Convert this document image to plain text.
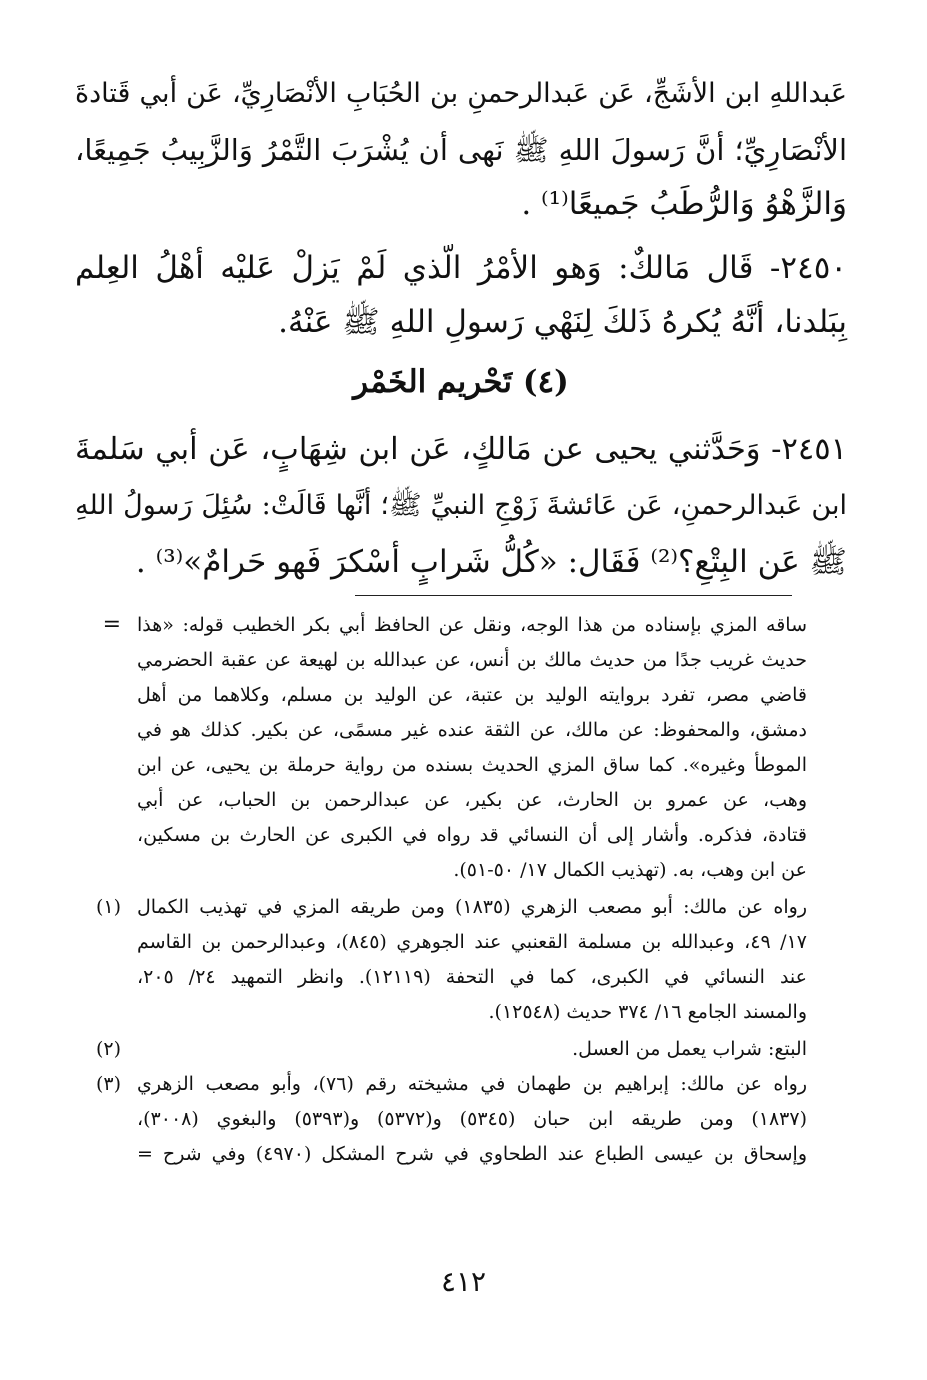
عَبداللهِ ابن الأشَجِّ، عَن عَبدالرحمنِ بن الحُبَابِ الأنْصَارِيِّ، عَن أبي قَتادةَ
الأنْصَارِيِّ؛ أنَّ رَسولَ اللهِ ﷺ نَهى أن يُشْرَبَ التَّمْرُ وَالزَّبِيبُ جَمِيعًا،
وَالزَّهْوُ وَالرُّطَبُ جَميعًا⁽¹⁾ .
٢٤٥٠- قَال مَالكٌ: وَهو الأمْرُ الّذي لَمْ يَزلْ عَليْه أهْلُ العِلم
بِبَلدنا، أنَّهُ يُكرهُ ذَلكَ لِنَهْي رَسولِ اللهِ ﷺ عَنْهُ.
(٤) تَحْريم الخَمْر
٢٤٥١- وَحَدَّثني يحيى عن مَالكٍ، عَن ابن شِهَابٍ، عَن أبي سَلمةَ
ابن عَبدالرحمنِ، عَن عَائشةَ زَوْجِ النبيِّ ﷺ؛ أنَّها قَالَتْ: سُئِلَ رَسولُ اللهِ
ﷺ عَن البِتْعِ؟⁽²⁾ فَقَال: «كُلُّ شَرابٍ أسْكرَ فَهو حَرامٌ»⁽³⁾ .
= ساقه المزي بإسناده من هذا الوجه، ونقل عن الحافظ أبي بكر الخطيب قوله: «هذا
حديث غريب جدًا من حديث مالك بن أنس، عن عبدالله بن لهيعة عن عقبة الحضرمي
قاضي مصر، تفرد بروايته الوليد بن عتبة، عن الوليد بن مسلم، وكلاهما من أهل
دمشق، والمحفوظ: عن مالك، عن الثقة عنده غير مسمًى، عن بكير. كذلك هو في
الموطأ وغيره». كما ساق المزي الحديث بسنده من رواية حرملة بن يحيى، عن ابن
وهب، عن عمرو بن الحارث، عن بكير، عن عبدالرحمن بن الحباب، عن أبي
قتادة، فذكره. وأشار إلى أن النسائي قد رواه في الكبرى عن الحارث بن مسكين،
عن ابن وهب، به. (تهذيب الكمال ١٧/ ٥٠-٥١).
(١) رواه عن مالك: أبو مصعب الزهري (١٨٣٥) ومن طريقه المزي في تهذيب الكمال
١٧/ ٤٩، وعبدالله بن مسلمة القعنبي عند الجوهري (٨٤٥)، وعبدالرحمن بن القاسم
عند النسائي في الكبرى، كما في التحفة (١٢١١٩). وانظر التمهيد ٢٤/ ٢٠٥،
والمسند الجامع ١٦/ ٣٧٤ حديث (١٢٥٤٨).
(٢)	البتع: شراب يعمل من العسل.
(٣) رواه عن مالك: إبراهيم بن طهمان في مشيخته رقم (٧٦)، وأبو مصعب الزهري
(١٨٣٧) ومن طريقه ابن حبان (٥٣٤٥) و(٥٣٧٢) و(٥٣٩٣) والبغوي (٣٠٠٨)،
وإسحاق بن عيسى الطباع عند الطحاوي في شرح المشكل (٤٩٧٠) وفي شرح =
٤١٢
